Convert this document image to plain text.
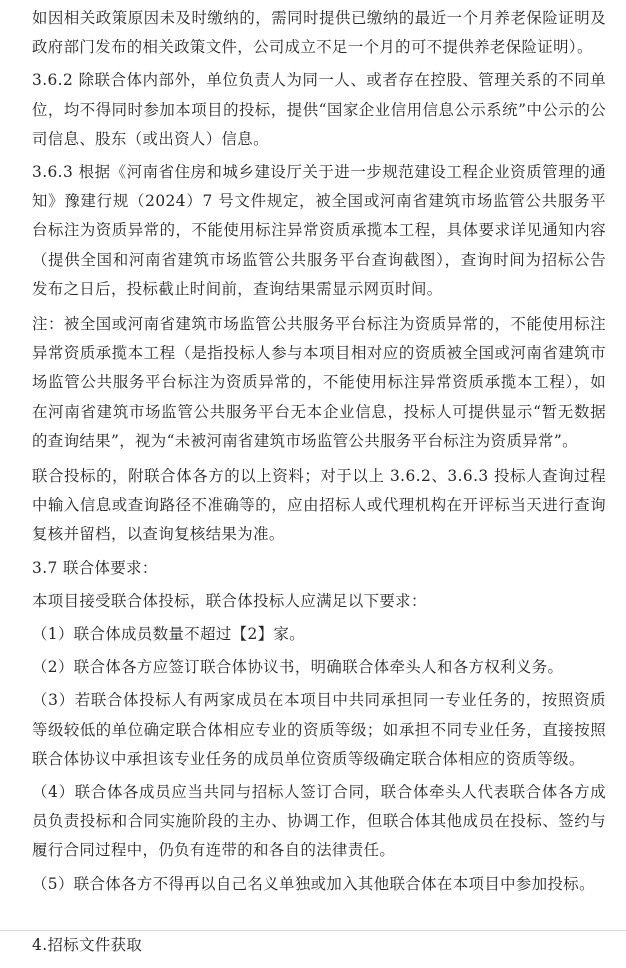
如因相关政策原因未及时缴纳的，需同时提供已缴纳的最近一个月养老保险证明及政府部门发布的相关政策文件，公司成立不足一个月的可不提供养老保险证明）。

3.6.2 除联合体内部外，单位负责人为同一人、或者存在控股、管理关系的不同单位，均不得同时参加本项目的投标，提供“国家企业信用信息公示系统”中公示的公司信息、股东（或出资人）信息。

3.6.3 根据《河南省住房和城乡建设厅关于进一步规范建设工程企业资质管理的通知》豫建行规（2024）7 号文件规定，被全国或河南省建筑市场监管公共服务平台标注为资质异常的，不能使用标注异常资质承揽本工程，具体要求详见通知内容（提供全国和河南省建筑市场监管公共服务平台查询截图），查询时间为招标公告发布之日后，投标截止时间前，查询结果需显示网页时间。

注：被全国或河南省建筑市场监管公共服务平台标注为资质异常的，不能使用标注异常资质承揽本工程（是指投标人参与本项目相对应的资质被全国或河南省建筑市场监管公共服务平台标注为资质异常的，不能使用标注异常资质承揽本工程），如在河南省建筑市场监管公共服务平台无本企业信息，投标人可提供显示“暂无数据的查询结果”，视为“未被河南省建筑市场监管公共服务平台标注为资质异常”。

联合投标的，附联合体各方的以上资料；对于以上 3.6.2、3.6.3 投标人查询过程中输入信息或查询路径不准确等的，应由招标人或代理机构在开评标当天进行查询复核并留档，以查询复核结果为准。

3.7 联合体要求：

本项目接受联合体投标，联合体投标人应满足以下要求：

（1）联合体成员数量不超过【2】家。

（2）联合体各方应签订联合体协议书，明确联合体牵头人和各方权利义务。

（3）若联合体投标人有两家成员在本项目中共同承担同一专业任务的，按照资质等级较低的单位确定联合体相应专业的资质等级；如承担不同专业任务，直接按照联合体协议中承担该专业任务的成员单位资质等级确定联合体相应的资质等级。

（4）联合体各成员应当共同与招标人签订合同，联合体牵头人代表联合体各方成员负责投标和合同实施阶段的主办、协调工作，但联合体其他成员在投标、签约与履行合同过程中，仍负有连带的和各自的法律责任。

（5）联合体各方不得再以自己名义单独或加入其他联合体在本项目中参加投标。

4.招标文件获取
